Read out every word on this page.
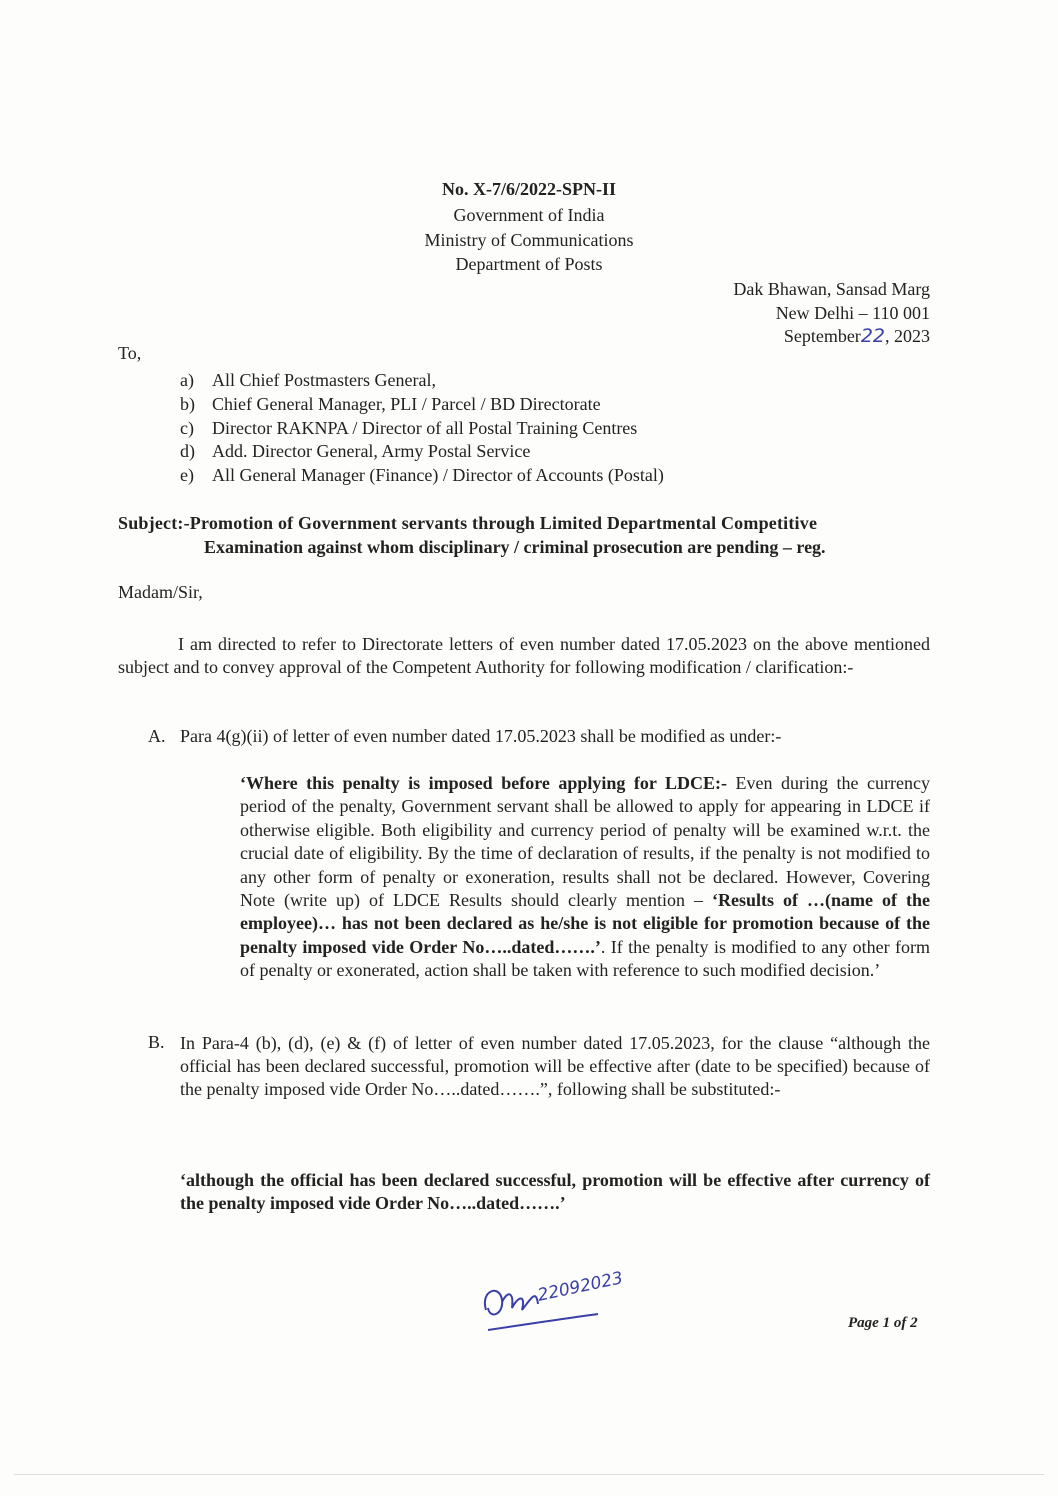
No. X-7/6/2022-SPN-II
Government of India
Ministry of Communications
Department of Posts
Dak Bhawan, Sansad Marg
New Delhi – 110 001
September22, 2023
To,
a) All Chief Postmasters General,
b) Chief General Manager, PLI / Parcel / BD Directorate
c) Director RAKNPA / Director of all Postal Training Centres
d) Add. Director General, Army Postal Service
e) All General Manager (Finance) / Director of Accounts (Postal)
Subject:-Promotion of Government servants through Limited Departmental Competitive
Examination against whom disciplinary / criminal prosecution are pending – reg.
Madam/Sir,
I am directed to refer to Directorate letters of even number dated 17.05.2023 on the above mentioned subject and to convey approval of the Competent Authority for following modification / clarification:-
A. Para 4(g)(ii) of letter of even number dated 17.05.2023 shall be modified as under:-
‘Where this penalty is imposed before applying for LDCE:- Even during the currency period of the penalty, Government servant shall be allowed to apply for appearing in LDCE if otherwise eligible. Both eligibility and currency period of penalty will be examined w.r.t. the crucial date of eligibility. By the time of declaration of results, if the penalty is not modified to any other form of penalty or exoneration, results shall not be declared. However, Covering Note (write up) of LDCE Results should clearly mention – ‘Results of …(name of the employee)… has not been declared as he/she is not eligible for promotion because of the penalty imposed vide Order No…..dated…….’. If the penalty is modified to any other form of penalty or exonerated, action shall be taken with reference to such modified decision.’
B. In Para-4 (b), (d), (e) & (f) of letter of even number dated 17.05.2023, for the clause “although the official has been declared successful, promotion will be effective after (date to be specified) because of the penalty imposed vide Order No…..dated…….”, following shall be substituted:-
‘although the official has been declared successful, promotion will be effective after currency of the penalty imposed vide Order No…..dated…….’
22092023
Page 1 of 2
